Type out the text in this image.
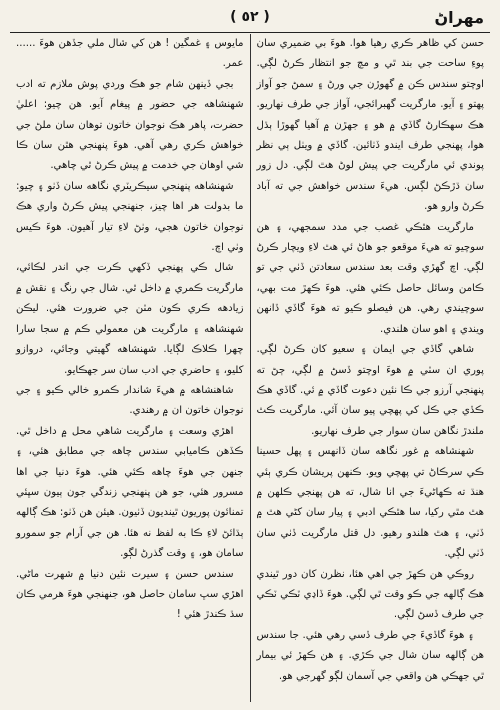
مهراڻ
( ٥٢ )

حسن کي ظاهر ڪري رهيا هوا. هوءَ بي ضميري سان پوءِ ساحت جي بند ٿي و مچ جو انتظار ڪرڻ لڳي. اوچتو سندس ڪن ۾ گهوڙن جي ورڻ ۽ سمڻ جو آواز پهتو ۽ آيو. مارگريت گهبرائجي، آواز جي طرف نهاريو. هڪ سهڪارڻ گاڏي ۾ هو ۽ جهڙن ۾ آهيا گهوڙا ٻڌل هوا، پهنجي طرف ايندو ڏٺائين. گاڏي ۾ ويٺل ٻي نظر پوندي ئي مارگريت جي پيش لوڻ هٿ لڳي. دل زور سان ڌڙڪڻ لڳس. هيءَ سندس خواهش جي ته آباد ڪرڻ وارو هو.

مارگريت هٿڪي غصب جي مدد سمجهي، ۽ هن سوچيو ته هيءَ موقعو جو هاڻ ئي هٿ لاءِ ويچار ڪرڻ لڳي. اچ گهڙي وقت بعد سندس سعادتن ڏٺي جي تو ڪامن وسائل حاصل ڪئي هئي. هوءَ ڪهڙ مت بهي، سوچيندي رهي. هن فيصلو ڪيو ته هوءَ گاڏي ڏانهن ويندي ۽ اهو سان هلندي.

شاهي گاڏي جي ايمان ۽ سعيو کان ڪرڻ لڳي. پوري ان سٽي ۾ هوءَ اوچتو ڏسڻ ۾ لڳي، ڄڻ ته پنهنجي آرزو جي ڪا نئين دعوت گاڏي ۾ ئي. گاڏي هڪ ڪڏي جي ڪل کي پهچي پيو سان آئي. مارگريت ڪٿ ملندڙ نگاهن سان سوار جي طرف نهاريو.

شهنشاهه ۾ غور نگاهه سان ڏانهس ۽ پهل حسينا ڪي سرڪاڻ تي پهچي ويو. ڪنهن پريشان ڪري ٻئي هنڌ ته ڪهاڻيءَ جي انا شال، ته هن پهنجي ڪلهن ۾ هٿ مٿي رکيا، سا هٿڪي ادبي ۽ پيار سان کڻي هٿ ۾ ڏٺي، ۽ هٿ هلندو رهيو. دل قتل مارگريت ڏٺي سان ڏٺي لڳي.

روڪي هن ڪهڙ جي اهي هئا، نظرن کان دور ٿيندي هڪ ڳالهه جي ڪو وقت ٿي لڳي. هوءَ ڏاڍي ٽڪي ٽڪي جي طرف ڏسڻ لڳي.

۽ هوءَ گاڏيءَ جي طرف ڏسي رهي هئي. جا سندس هن ڳالهه سان شال جي ڪڙي. ۽ هن ڪهڙ ئي بيمار ٿي جهڪي هن واقعي جي آسمان لڳو گهرجي هو.

مايوس ۽ غمگين ! هن کي شال ملي جڏهن هوءَ ...... عمر.

بجي ڏينهن شام جو هڪ وردي پوش ملازم ته ادب شهنشاهه جي حضور ۾ پيغام آيو. هن چيو: اعليٰ حضرت، پاهر هڪ نوجوان خاتون توهان سان ملڻ جي خواهش ڪري رهي آهي. هوءَ پنهنجي هٿن سان ڪا شي اوهان جي خدمت ۾ پيش ڪرڻ ٿي چاهي.

شهنشاهه پنهنجي سيڪريٽري نگاهه سان ڏٺو ۽ چيو: ما بدولت هر اها چيز، جنهنجي پيش ڪرڻ واري هڪ نوجوان خاتون هجي، وٺڻ لاءِ تيار آهيون. هوءَ ڪيس وٺي اچ.

شال ڪي پهنجي ڏکهي ڪرت جي اندر لڪائي، مارگريت ڪمري ۾ داخل ٿي. شال جي رنگ ۽ نقش ۾ زيادهه ڪري ڪون مٽن جي ضرورت هئي. ليڪن شهنشاهه ۽ مارگريت هن معمولي ڪم ۾ سجا سارا چهرا ڪلاڪ لڳايا. شهنشاهه گهيتي وجائي، دروازو کليو، ۽ حاضري جي ادب سان سر جهڪايو.

شاهنشاهه ۾ هيءَ شاندار ڪمرو خالي ڪيو ۽ جي نوجوان خاتون ان ۾ رهندي.

اهڙي وسعت ۽ مارگريت شاهي محل ۾ داخل ٿي. ڪڏهن ڪاميابي سندس چاهه جي مطابق هئي، ۽ جنهن جي هوءَ چاهه ڪئي هئي. هوءَ دنيا جي اها مسرور هئي، جو هن پنهنجي زندگي جون ٻيون سڀئي تمنائون پوريون ٿينديون ڏٺيون. هيئن هن ڏٺو: هڪ ڳالهه ٻڌائڻ لاءِ ڪا به لفظ نه هئا. هن جي آرام جو سمورو سامان هو، ۽ وقت گذرڻ لڳو.

سندس حسن ۽ سيرت نئين دنيا ۾ شهرت ماڻي. اهڙي سڀ سامان حاصل هو، جنهنجي هوءَ هرمي ڪان سڌ ڪندڙ هئي !
